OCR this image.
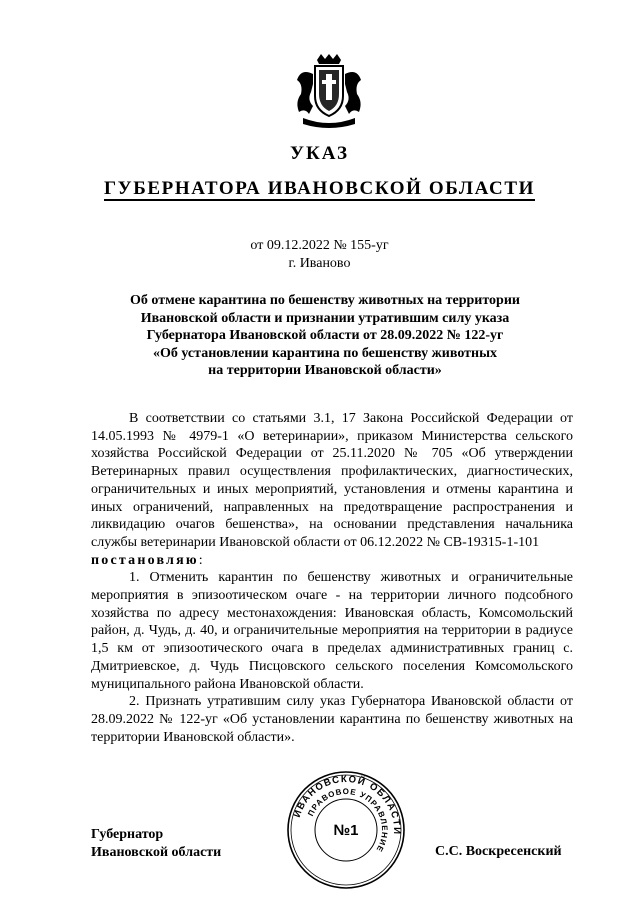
УКАЗ
ГУБЕРНАТОРА ИВАНОВСКОЙ ОБЛАСТИ
от 09.12.2022 № 155-уг
г. Иваново
Об отмене карантина по бешенству животных на территории
Ивановской области и признании утратившим силу указа
Губернатора Ивановской области от 28.09.2022 № 122-уг
«Об установлении карантина по бешенству животных
на территории Ивановской области»

В соответствии со статьями 3.1, 17 Закона Российской Федерации от 14.05.1993 № 4979-1 «О ветеринарии», приказом Министерства сельского хозяйства Российской Федерации от 25.11.2020 № 705 «Об утверждении Ветеринарных правил осуществления профилактических, диагностических, ограничительных и иных мероприятий, установления и отмены карантина и иных ограничений, направленных на предотвращение распространения и ликвидацию очагов бешенства», на основании представления начальника службы ветеринарии Ивановской области от 06.12.2022 № СВ-19315-1-101

постановляю:

1. Отменить карантин по бешенству животных и ограничительные мероприятия в эпизоотическом очаге - на территории личного подсобного хозяйства по адресу местонахождения: Ивановская область, Комсомольский район, д. Чудь, д. 40, и ограничительные мероприятия на территории в радиусе 1,5 км от эпизоотического очага в пределах административных границ с. Дмитриевское, д. Чудь Писцовского сельского поселения Комсомольского муниципального района Ивановской области.

2. Признать утратившим силу указ Губернатора Ивановской области от 28.09.2022 № 122-уг «Об установлении карантина по бешенству животных на территории Ивановской области».

Губернатор
Ивановской области
ИВАНОВСКОЙ ОБЛАСТИ
ПРАВОВОЕ УПРАВЛЕНИЕ
№1
С.С. Воскресенский
